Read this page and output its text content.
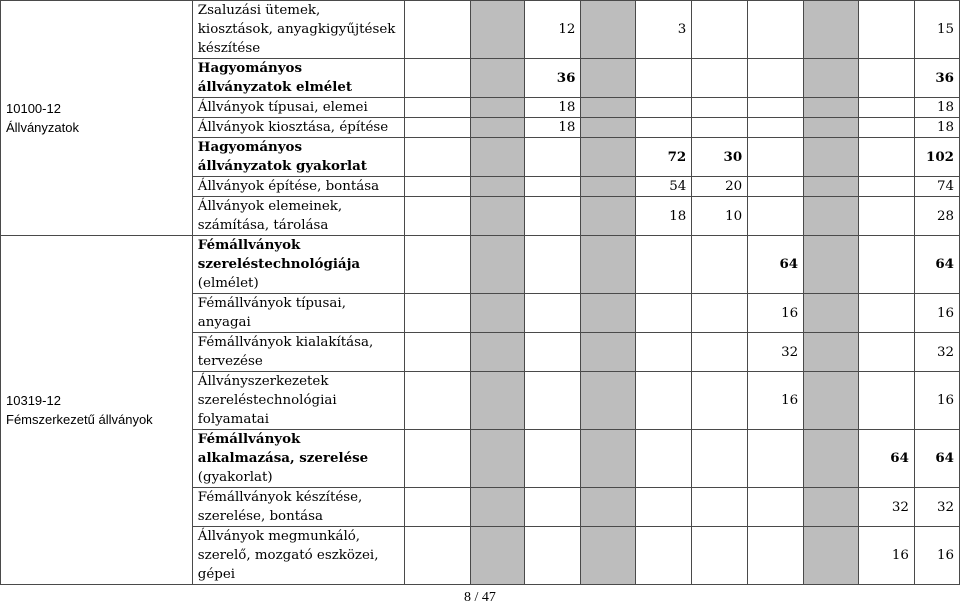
10100-12
Állványzatok	Zsaluzási ütemek, kiosztások, anyagkigyűjtések készítése			12		3					15
	Hagyományos állványzatok elmélet			36							36
	Állványok típusai, elemei			18							18
	Állványok kiosztása, építése			18							18
	Hagyományos állványzatok gyakorlat					72	30				102
	Állványok építése, bontása					54	20				74
	Állványok elemeinek, számítása, tárolása					18	10				28

10319-12
Fémszerkezetű állványok	Fémállványok szereléstechnológiája (elmélet)							64			64
	Fémállványok típusai, anyagai							16			16
	Fémállványok kialakítása, tervezése							32			32
	Állványszerkezetek szereléstechnológiai folyamatai							16			16
	Fémállványok alkalmazása, szerelése (gyakorlat)									64	64
	Fémállványok készítése, szerelése, bontása									32	32
	Állványok megmunkáló, szerelő, mozgató eszközei, gépei									16	16
8 / 47
